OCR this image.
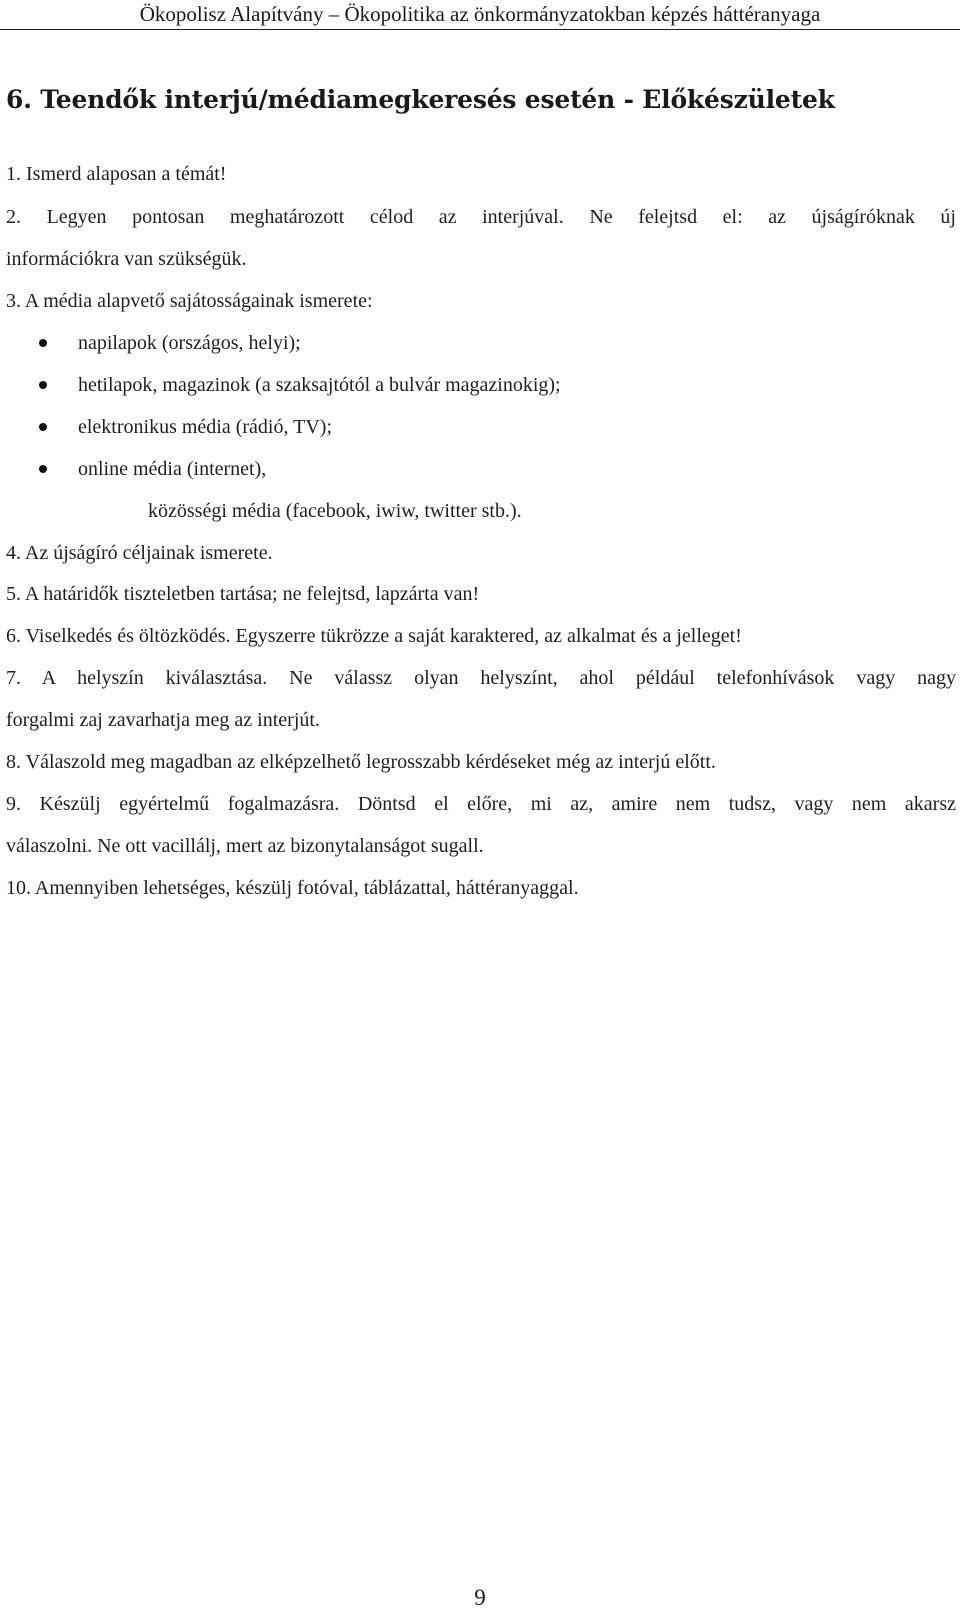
Ökopolisz Alapítvány – Ökopolitika az önkormányzatokban képzés háttéranyaga
6. Teendők interjú/médiamegkeresés esetén - Előkészületek
1. Ismerd alaposan a témát!
2. Legyen pontosan meghatározott célod az interjúval. Ne felejtsd el: az újságíróknak új
információkra van szükségük.
3. A média alapvető sajátosságainak ismerete:
napilapok (országos, helyi);
hetilapok, magazinok (a szaksajtótól a bulvár magazinokig);
elektronikus média (rádió, TV);
online média (internet),
közösségi média (facebook, iwiw, twitter stb.).
4. Az újságíró céljainak ismerete.
5. A határidők tiszteletben tartása; ne felejtsd, lapzárta van!
6. Viselkedés és öltözködés. Egyszerre tükrözze a saját karaktered, az alkalmat és a jelleget!
7. A helyszín kiválasztása. Ne válassz olyan helyszínt, ahol például telefonhívások vagy nagy
forgalmi zaj zavarhatja meg az interjút.
8. Válaszold meg magadban az elképzelhető legrosszabb kérdéseket még az interjú előtt.
9. Készülj egyértelmű fogalmazásra. Döntsd el előre, mi az, amire nem tudsz, vagy nem akarsz
válaszolni. Ne ott vacillálj, mert az bizonytalanságot sugall.
10. Amennyiben lehetséges, készülj fotóval, táblázattal, háttéranyaggal.
9
